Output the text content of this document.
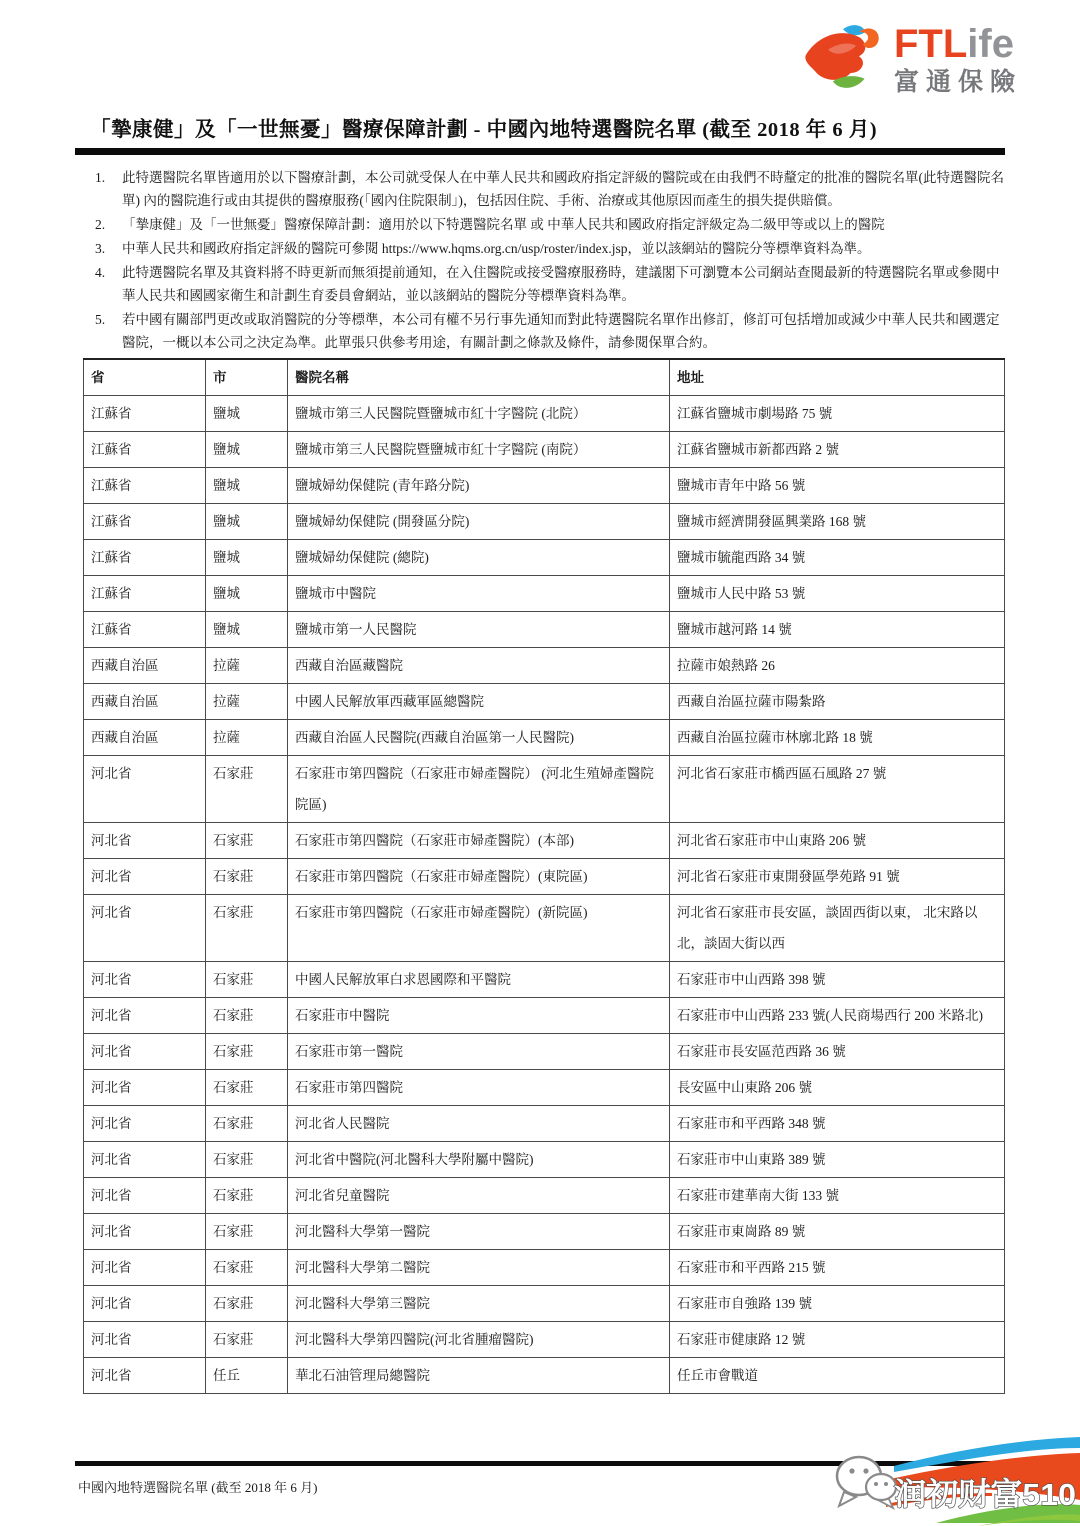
FTLife
富通保險
「摯康健」及「一世無憂」醫療保障計劃 - 中國內地特選醫院名單 (截至 2018 年 6 月)
1.	此特選醫院名單皆適用於以下醫療計劃，本公司就受保人在中華人民共和國政府指定評級的醫院或在由我們不時釐定的批准的醫院名單(此特選醫院名單) 內的醫院進行或由其提供的醫療服務(「國內住院限制」)，包括因住院、手術、治療或其他原因而產生的損失提供賠償。
2.	「摯康健」及「一世無憂」醫療保障計劃：適用於以下特選醫院名單 或 中華人民共和國政府指定評級定為二級甲等或以上的醫院
3.	中華人民共和國政府指定評級的醫院可參閱 https://www.hqms.org.cn/usp/roster/index.jsp，並以該網站的醫院分等標準資料為準。
4.	此特選醫院名單及其資料將不時更新而無須提前通知，在入住醫院或接受醫療服務時，建議閣下可瀏覽本公司網站查閱最新的特選醫院名單或參閱中華人民共和國國家衛生和計劃生育委員會網站，並以該網站的醫院分等標準資料為準。
5.	若中國有關部門更改或取消醫院的分等標準，本公司有權不另行事先通知而對此特選醫院名單作出修訂，修訂可包括增加或減少中華人民共和國選定醫院，一概以本公司之決定為準。此單張只供參考用途，有關計劃之條款及條件，請參閱保單合約。
省	市	醫院名稱	地址
江蘇省	鹽城	鹽城市第三人民醫院暨鹽城市紅十字醫院 (北院）	江蘇省鹽城市劇場路 75 號
江蘇省	鹽城	鹽城市第三人民醫院暨鹽城市紅十字醫院 (南院）	江蘇省鹽城市新都西路 2 號
江蘇省	鹽城	鹽城婦幼保健院 (青年路分院)	鹽城市青年中路 56 號
江蘇省	鹽城	鹽城婦幼保健院 (開發區分院)	鹽城市經濟開發區興業路 168 號
江蘇省	鹽城	鹽城婦幼保健院 (總院)	鹽城市毓龍西路 34 號
江蘇省	鹽城	鹽城市中醫院	鹽城市人民中路 53 號
江蘇省	鹽城	鹽城市第一人民醫院	鹽城市越河路 14 號
西藏自治區	拉薩	西藏自治區藏醫院	拉薩市娘熱路 26
西藏自治區	拉薩	中國人民解放軍西藏軍區總醫院	西藏自治區拉薩市陽紮路
西藏自治區	拉薩	西藏自治區人民醫院(西藏自治區第一人民醫院)	西藏自治區拉薩市林廓北路 18 號
河北省	石家莊	石家莊市第四醫院（石家莊市婦產醫院） (河北生殖婦產醫院院區)	河北省石家莊市橋西區石風路 27 號
河北省	石家莊	石家莊市第四醫院（石家莊市婦產醫院）(本部)	河北省石家莊市中山東路 206 號
河北省	石家莊	石家莊市第四醫院（石家莊市婦產醫院）(東院區)	河北省石家莊市東開發區學苑路 91 號
河北省	石家莊	石家莊市第四醫院（石家莊市婦產醫院）(新院區)	河北省石家莊市長安區，談固西街以東， 北宋路以北，談固大街以西
河北省	石家莊	中國人民解放軍白求恩國際和平醫院	石家莊市中山西路 398 號
河北省	石家莊	石家莊市中醫院	石家莊市中山西路 233 號(人民商場西行 200 米路北)
河北省	石家莊	石家莊市第一醫院	石家莊市長安區范西路 36 號
河北省	石家莊	石家莊市第四醫院	長安區中山東路 206 號
河北省	石家莊	河北省人民醫院	石家莊市和平西路 348 號
河北省	石家莊	河北省中醫院(河北醫科大學附屬中醫院)	石家莊市中山東路 389 號
河北省	石家莊	河北省兒童醫院	石家莊市建華南大街 133 號
河北省	石家莊	河北醫科大學第一醫院	石家莊市東崗路 89 號
河北省	石家莊	河北醫科大學第二醫院	石家莊市和平西路 215 號
河北省	石家莊	河北醫科大學第三醫院	石家莊市自強路 139 號
河北省	石家莊	河北醫科大學第四醫院(河北省腫瘤醫院)	石家莊市健康路 12 號
河北省	任丘	華北石油管理局總醫院	任丘市會戰道
中國內地特選醫院名單 (截至 2018 年 6 月)	润初财富510
